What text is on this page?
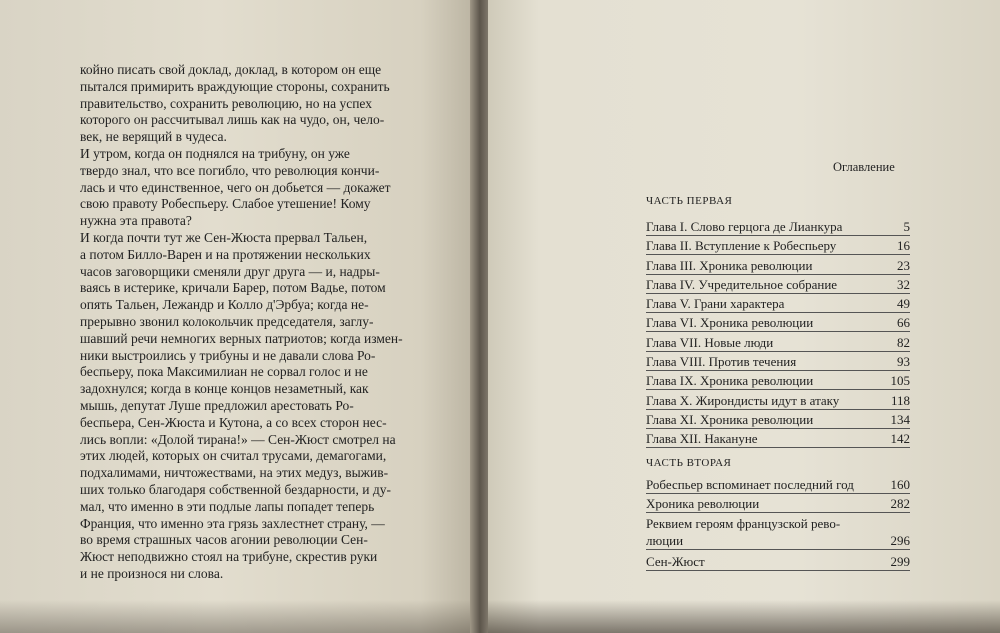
койно писать свой доклад, доклад, в котором он еще
пытался примирить враждующие стороны, сохранить
правительство, сохранить революцию, но на успех
которого он рассчитывал лишь как на чудо, он, чело-
век, не верящий в чудеса.
И утром, когда он поднялся на трибуну, он уже
твердо знал, что все погибло, что революция кончи-
лась и что единственное, чего он добьется — докажет
свою правоту Робеспьеру. Слабое утешение! Кому
нужна эта правота?
И когда почти тут же Сен-Жюста прервал Тальен,
а потом Билло-Варен и на протяжении нескольких
часов заговорщики сменяли друг друга — и, надры-
ваясь в истерике, кричали Барер, потом Вадье, потом
опять Тальен, Лежандр и Колло д'Эрбуа; когда не-
прерывно звонил колокольчик председателя, заглу-
шавший речи немногих верных патриотов; когда измен-
ники выстроились у трибуны и не давали слова Ро-
беспьеру, пока Максимилиан не сорвал голос и не
задохнулся; когда в конце концов незаметный, как
мышь, депутат Луше предложил арестовать Ро-
беспьера, Сен-Жюста и Кутона, а со всех сторон нес-
лись вопли: «Долой тирана!» — Сен-Жюст смотрел на
этих людей, которых он считал трусами, демагогами,
подхалимами, ничтожествами, на этих медуз, выжив-
ших только благодаря собственной бездарности, и ду-
мал, что именно в эти подлые лапы попадет теперь
Франция, что именно эта грязь захлестнет страну, —
во время страшных часов агонии революции Сен-
Жюст неподвижно стоял на трибуне, скрестив руки
и не произнося ни слова.
Оглавление
ЧАСТЬ ПЕРВАЯ
Глава I. Слово герцога де Лианкура	5
Глава II. Вступление к Робеспьеру	16
Глава III. Хроника революции	23
Глава IV. Учредительное собрание	32
Глава V. Грани характера	49
Глава VI. Хроника революции	66
Глава VII. Новые люди	82
Глава VIII. Против течения	93
Глава IX. Хроника революции	105
Глава X. Жирондисты идут в атаку	118
Глава XI. Хроника революции	134
Глава XII. Накануне	142
ЧАСТЬ ВТОРАЯ
Робеспьер вспоминает последний год	160
Хроника революции	282
Реквием героям французской рево-
люции	296
Сен-Жюст	299
